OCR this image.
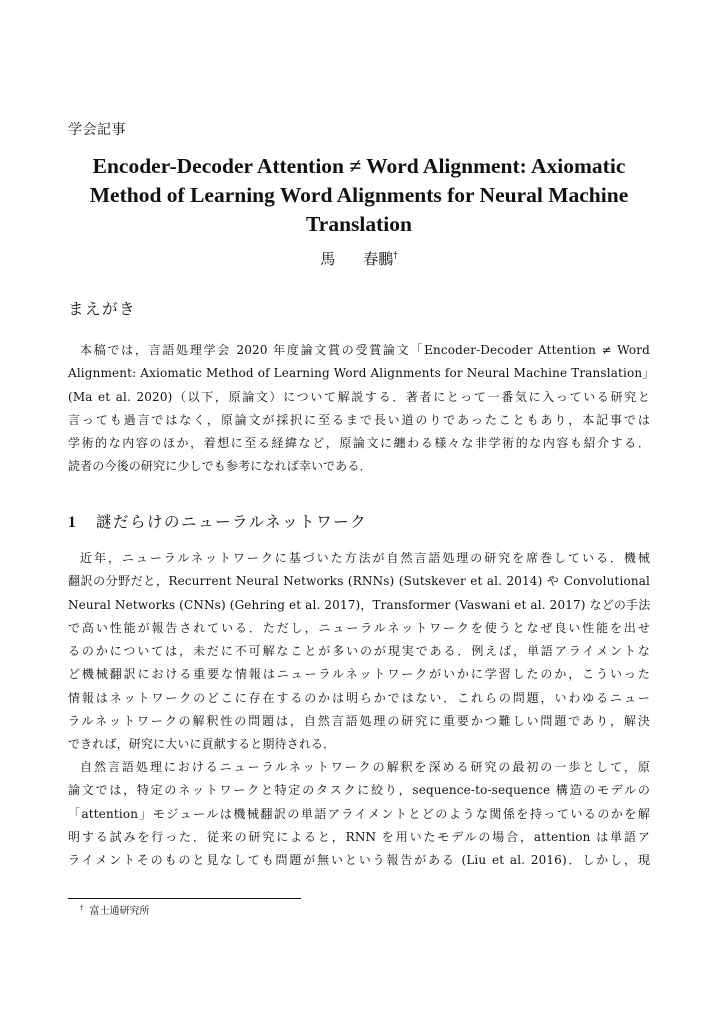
学会記事
Encoder-Decoder Attention ≠ Word Alignment: Axiomatic
Method of Learning Word Alignments for Neural Machine
Translation
馬 春鵬†
まえがき
本稿では，言語処理学会 2020 年度論文賞の受賞論文「Encoder-Decoder Attention ≠ Word
Alignment: Axiomatic Method of Learning Word Alignments for Neural Machine Translation」
(Ma et al. 2020)（以下，原論文）について解説する．著者にとって一番気に入っている研究と
言っても過言ではなく，原論文が採択に至るまで長い道のりであったこともあり，本記事では
学術的な内容のほか，着想に至る経緯など，原論文に纏わる様々な非学術的な内容も紹介する．
読者の今後の研究に少しでも参考になれば幸いである．
1 謎だらけのニューラルネットワーク
近年，ニューラルネットワークに基づいた方法が自然言語処理の研究を席巻している．機械
翻訳の分野だと，Recurrent Neural Networks (RNNs) (Sutskever et al. 2014) や Convolutional
Neural Networks (CNNs) (Gehring et al. 2017)，Transformer (Vaswani et al. 2017) などの手法
で高い性能が報告されている．ただし，ニューラルネットワークを使うとなぜ良い性能を出せ
るのかについては，未だに不可解なことが多いのが現実である．例えば，単語アライメントな
ど機械翻訳における重要な情報はニューラルネットワークがいかに学習したのか，こういった
情報はネットワークのどこに存在するのかは明らかではない．これらの問題，いわゆるニュー
ラルネットワークの解釈性の問題は，自然言語処理の研究に重要かつ難しい問題であり，解決
できれば，研究に大いに貢献すると期待される．
自然言語処理におけるニューラルネットワークの解釈を深める研究の最初の一歩として，原
論文では，特定のネットワークと特定のタスクに絞り，sequence-to-sequence 構造のモデルの
「attention」モジュールは機械翻訳の単語アライメントとどのような関係を持っているのかを解
明する試みを行った．従来の研究によると，RNN を用いたモデルの場合，attention は単語ア
ライメントそのものと見なしても問題が無いという報告がある (Liu et al. 2016)．しかし，現
† 富士通研究所
